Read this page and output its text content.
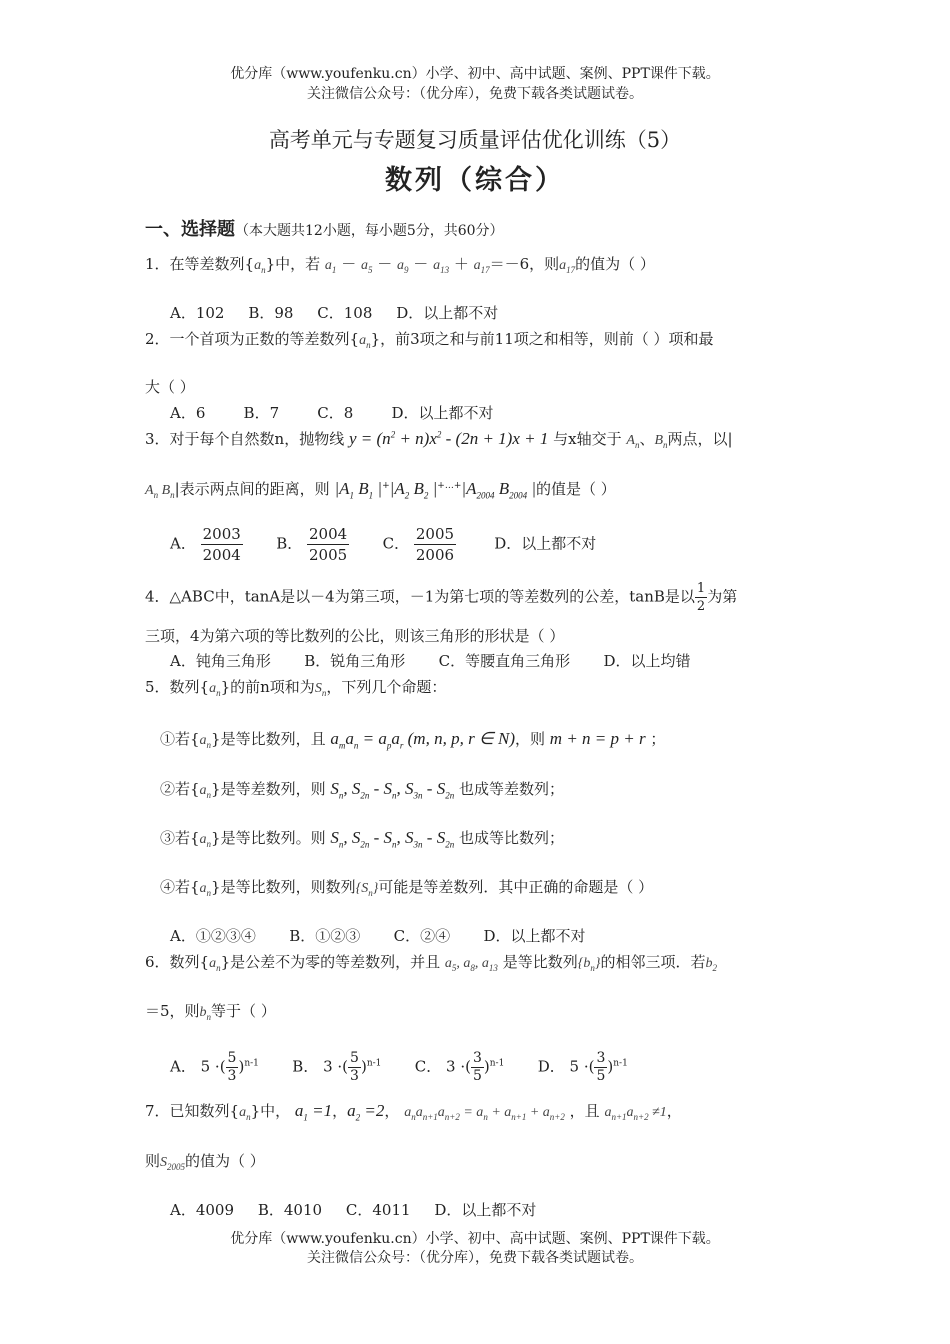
优分库（www.youfenku.cn）小学、初中、高中试题、案例、PPT课件下载。
关注微信公众号：（优分库），免费下载各类试题试卷。
高考单元与专题复习质量评估优化训练（5）
数列（综合）
一、选择题（本大题共12小题，每小题5分，共60分）
1．在等差数列$\{a_n\}$中，若 $a_1 - a_5 - a_9 - a_{13} + a_{17}=-6$，则$a_{17}$的值为（ ）
A．102 B．98 C．108 D．以上都不对
2．一个首项为正数的等差数列$\{a_n\}$，前3项之和与前11项之和相等，则前（ ）项和最
大（ ）
A．6	B．7	C．8	D．以上都不对
3．对于每个自然数n，抛物线 $y = (n^2 + n)x^2 - (2n + 1)x + 1$ 与x轴交于 $A_n$、$B_n$两点，以|
$A_n$ $B_n|$表示两点间的距离，则 $|A_1$ $B_1$ $|^+|A_2$ $B_2$ $|^{+\dots+}|A_{2004}$ $B_{2004}$ |的值是（ ）
A． $\frac{2003}{2004}$ B． $\frac{2004}{2005}$ C． $\frac{2005}{2006}$	D．以上都不对
4．△ABC中，tanA是以－4为第三项，－1为第七项的等差数列的公差，tanB是以 $\frac{1}{2}$ 为第
三项，4为第六项的等比数列的公比，则该三角形的形状是（ ）
A．钝角三角形 B．锐角三角形 C．等腰直角三角形 D．以上均错
5．数列$\{a_n\}$的前n项和为$S_n$，下列几个命题：
①若$\{a_n\}$是等比数列，且 $a_ma_n = a_pa_r$ (m, n, p, r ∈ N)，则 m + n = p + r ；
②若$\{a_n\}$是等差数列，则 $S_n$, $S_{2n} - S_n$, $S_{3n} - S_{2n}$ 也成等差数列；
③若$\{a_n\}$是等比数列。则 $S_n$, $S_{2n} - S_n$, $S_{3n} - S_{2n}$ 也成等比数列；
④若$\{a_n\}$是等比数列，则数列$\{S_n\}$可能是等差数列．其中正确的命题是（ ）
A．①②③④ B．①②③ C．②④ D．以上都不对
6．数列$\{a_n\}$是公差不为零的等差数列，并且 $a_5$, $a_8$, $a_{13}$ 是等比数列$\{b_n\}$的相邻三项．若$b_2$
＝5，则$b_n$等于（ ）
A． 5 ·( $\frac{5}{3} )^{n-1}$ B． 3 ·( $\frac{5}{3} )^{n-1}$ C． 3 ·( $\frac{3}{5} )^{n-1}$ D． 5 ·( $\frac{3}{5} )^{n-1}$
7．已知数列$\{a_n\}$中， $a_1 =1$，$a_2 =2$， $a_na_{n+1}a_{n+2} = a_n + a_{n+1} + a_{n+2}$ ，且 $a_{n+1}a_{n+2} \ne 1$，
则$S_{2005}$的值为（ ）
A．4009 B．4010 C．4011 D．以上都不对
优分库（www.youfenku.cn）小学、初中、高中试题、案例、PPT课件下载。
关注微信公众号：（优分库），免费下载各类试题试卷。
